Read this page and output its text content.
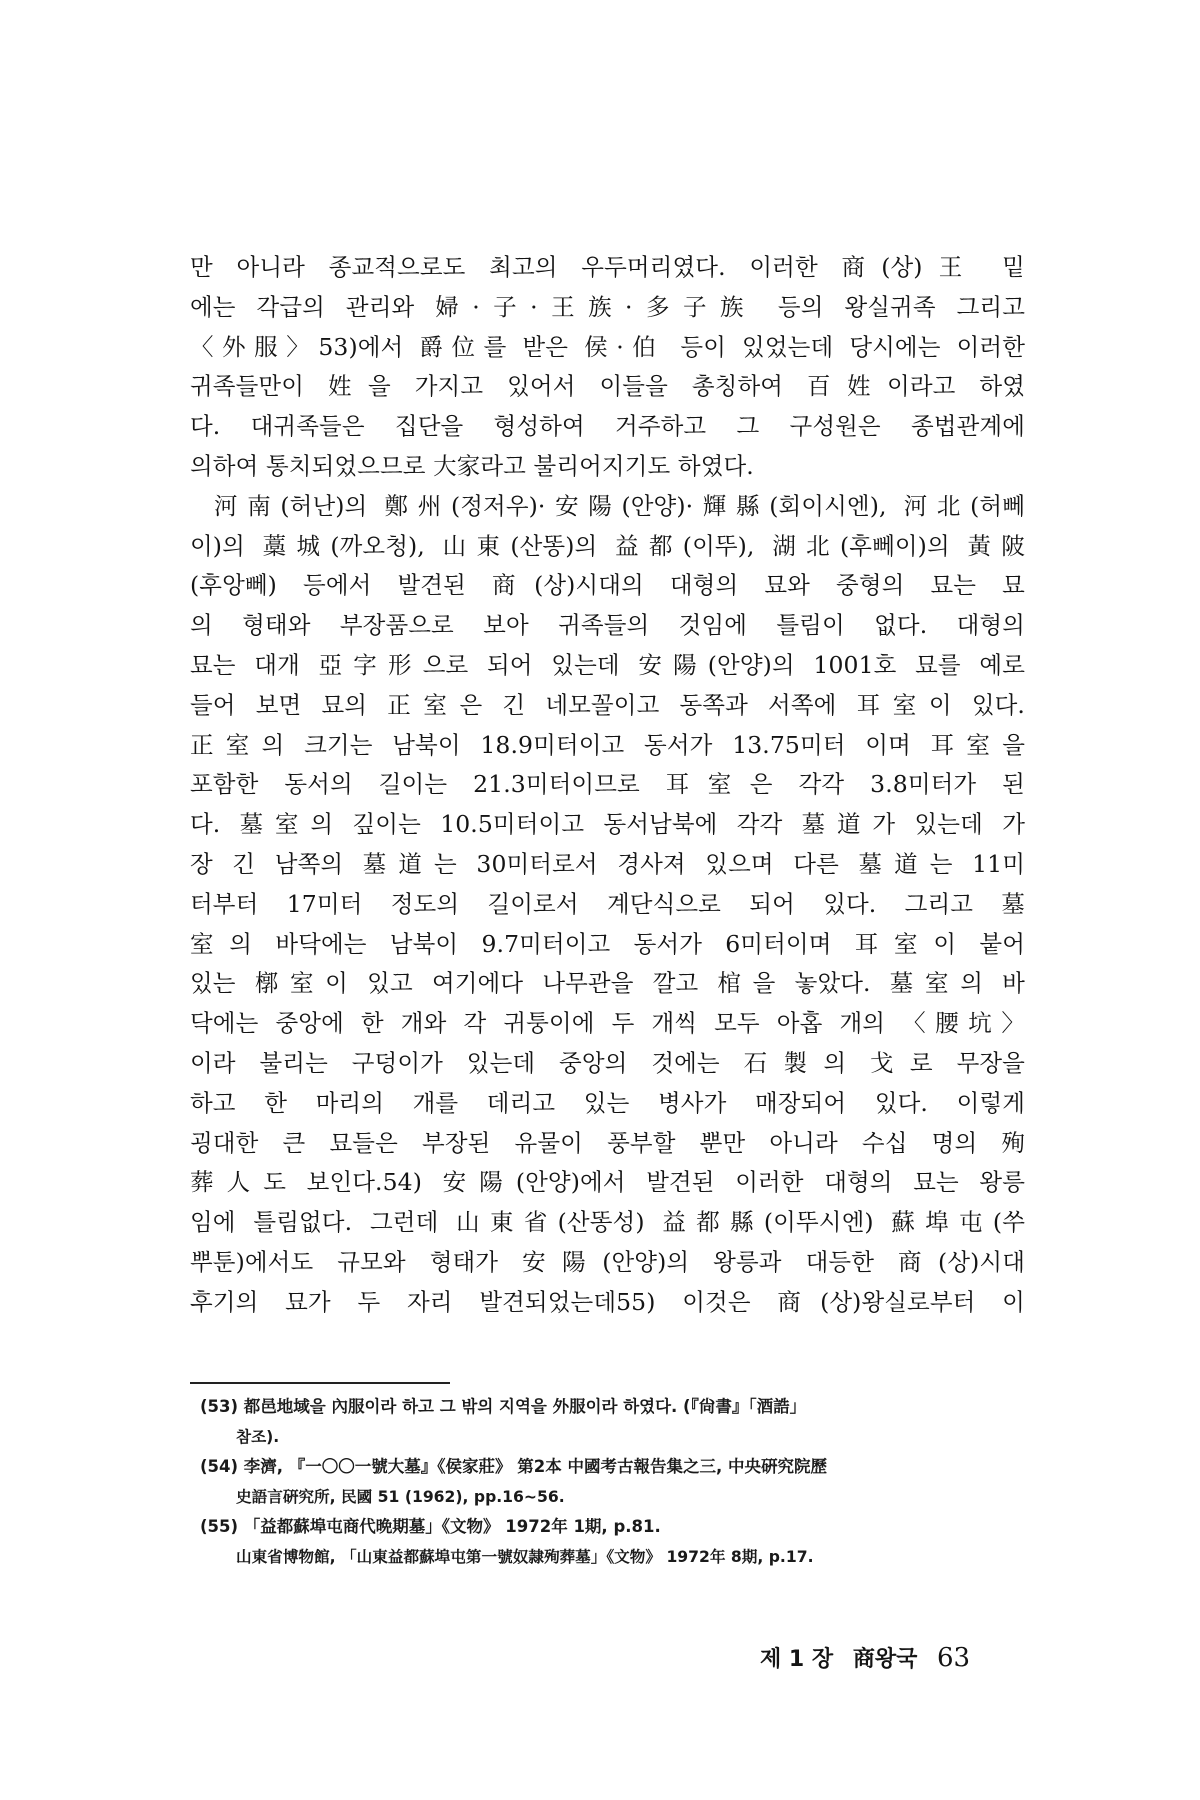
만 아니라 종교적으로도 최고의 우두머리였다. 이러한 商(상)王 밑
에는 각급의 관리와 婦·子·王族·多子族 등의 왕실귀족 그리고
〈外服〉53)에서 爵位를 받은 侯·伯 등이 있었는데 당시에는 이러한
귀족들만이 姓을 가지고 있어서 이들을 총칭하여 百姓이라고 하였
다. 대귀족들은 집단을 형성하여 거주하고 그 구성원은 종법관계에
의하여 통치되었으므로 大家라고 불리어지기도 하였다.
河南(허난)의 鄭州(정저우)·安陽(안양)·輝縣(회이시엔), 河北(허뻬
이)의 藁城(까오청), 山東(산똥)의 益都(이뚜), 湖北(후뻬이)의 黃陂
(후앙뻬) 등에서 발견된 商(상)시대의 대형의 묘와 중형의 묘는 묘
의 형태와 부장품으로 보아 귀족들의 것임에 틀림이 없다. 대형의
묘는 대개 亞字形으로 되어 있는데 安陽(안양)의 1001호 묘를 예로
들어 보면 묘의 正室은 긴 네모꼴이고 동쪽과 서쪽에 耳室이 있다.
正室의 크기는 남북이 18.9미터이고 동서가 13.75미터 이며 耳室을
포함한 동서의 길이는 21.3미터이므로 耳室은 각각 3.8미터가 된
다. 墓室의 깊이는 10.5미터이고 동서남북에 각각 墓道가 있는데 가
장 긴 남쪽의 墓道는 30미터로서 경사져 있으며 다른 墓道는 11미
터부터 17미터 정도의 길이로서 계단식으로 되어 있다. 그리고 墓
室의 바닥에는 남북이 9.7미터이고 동서가 6미터이며 耳室이 붙어
있는 槨室이 있고 여기에다 나무관을 깔고 棺을 놓았다. 墓室의 바
닥에는 중앙에 한 개와 각 귀퉁이에 두 개씩 모두 아홉 개의 〈腰坑〉
이라 불리는 구덩이가 있는데 중앙의 것에는 石製의 戈로 무장을
하고 한 마리의 개를 데리고 있는 병사가 매장되어 있다. 이렇게
굉대한 큰 묘들은 부장된 유물이 풍부할 뿐만 아니라 수십 명의 殉
葬人도 보인다.54) 安陽(안양)에서 발견된 이러한 대형의 묘는 왕릉
임에 틀림없다. 그런데 山東省(산똥성) 益都縣(이뚜시엔) 蘇埠屯(쑤
뿌툰)에서도 규모와 형태가 安陽(안양)의 왕릉과 대등한 商(상)시대
후기의 묘가 두 자리 발견되었는데55) 이것은 商(상)왕실로부터 이
(53) 都邑地域을 內服이라 하고 그 밖의 지역을 外服이라 하였다. (『尙書』「酒誥」
참조).
(54) 李濟, 『一〇〇一號大墓』《侯家莊》 第2本 中國考古報告集之三, 中央硏究院歷
史語言硏究所, 民國 51 (1962), pp.16~56.
(55) 「益都蘇埠屯商代晩期墓」《文物》 1972年 1期, p.81.
山東省博物館, 「山東益都蘇埠屯第一號奴隷殉葬墓」《文物》 1972年 8期, p.17.
제 1 장 商왕국 63
